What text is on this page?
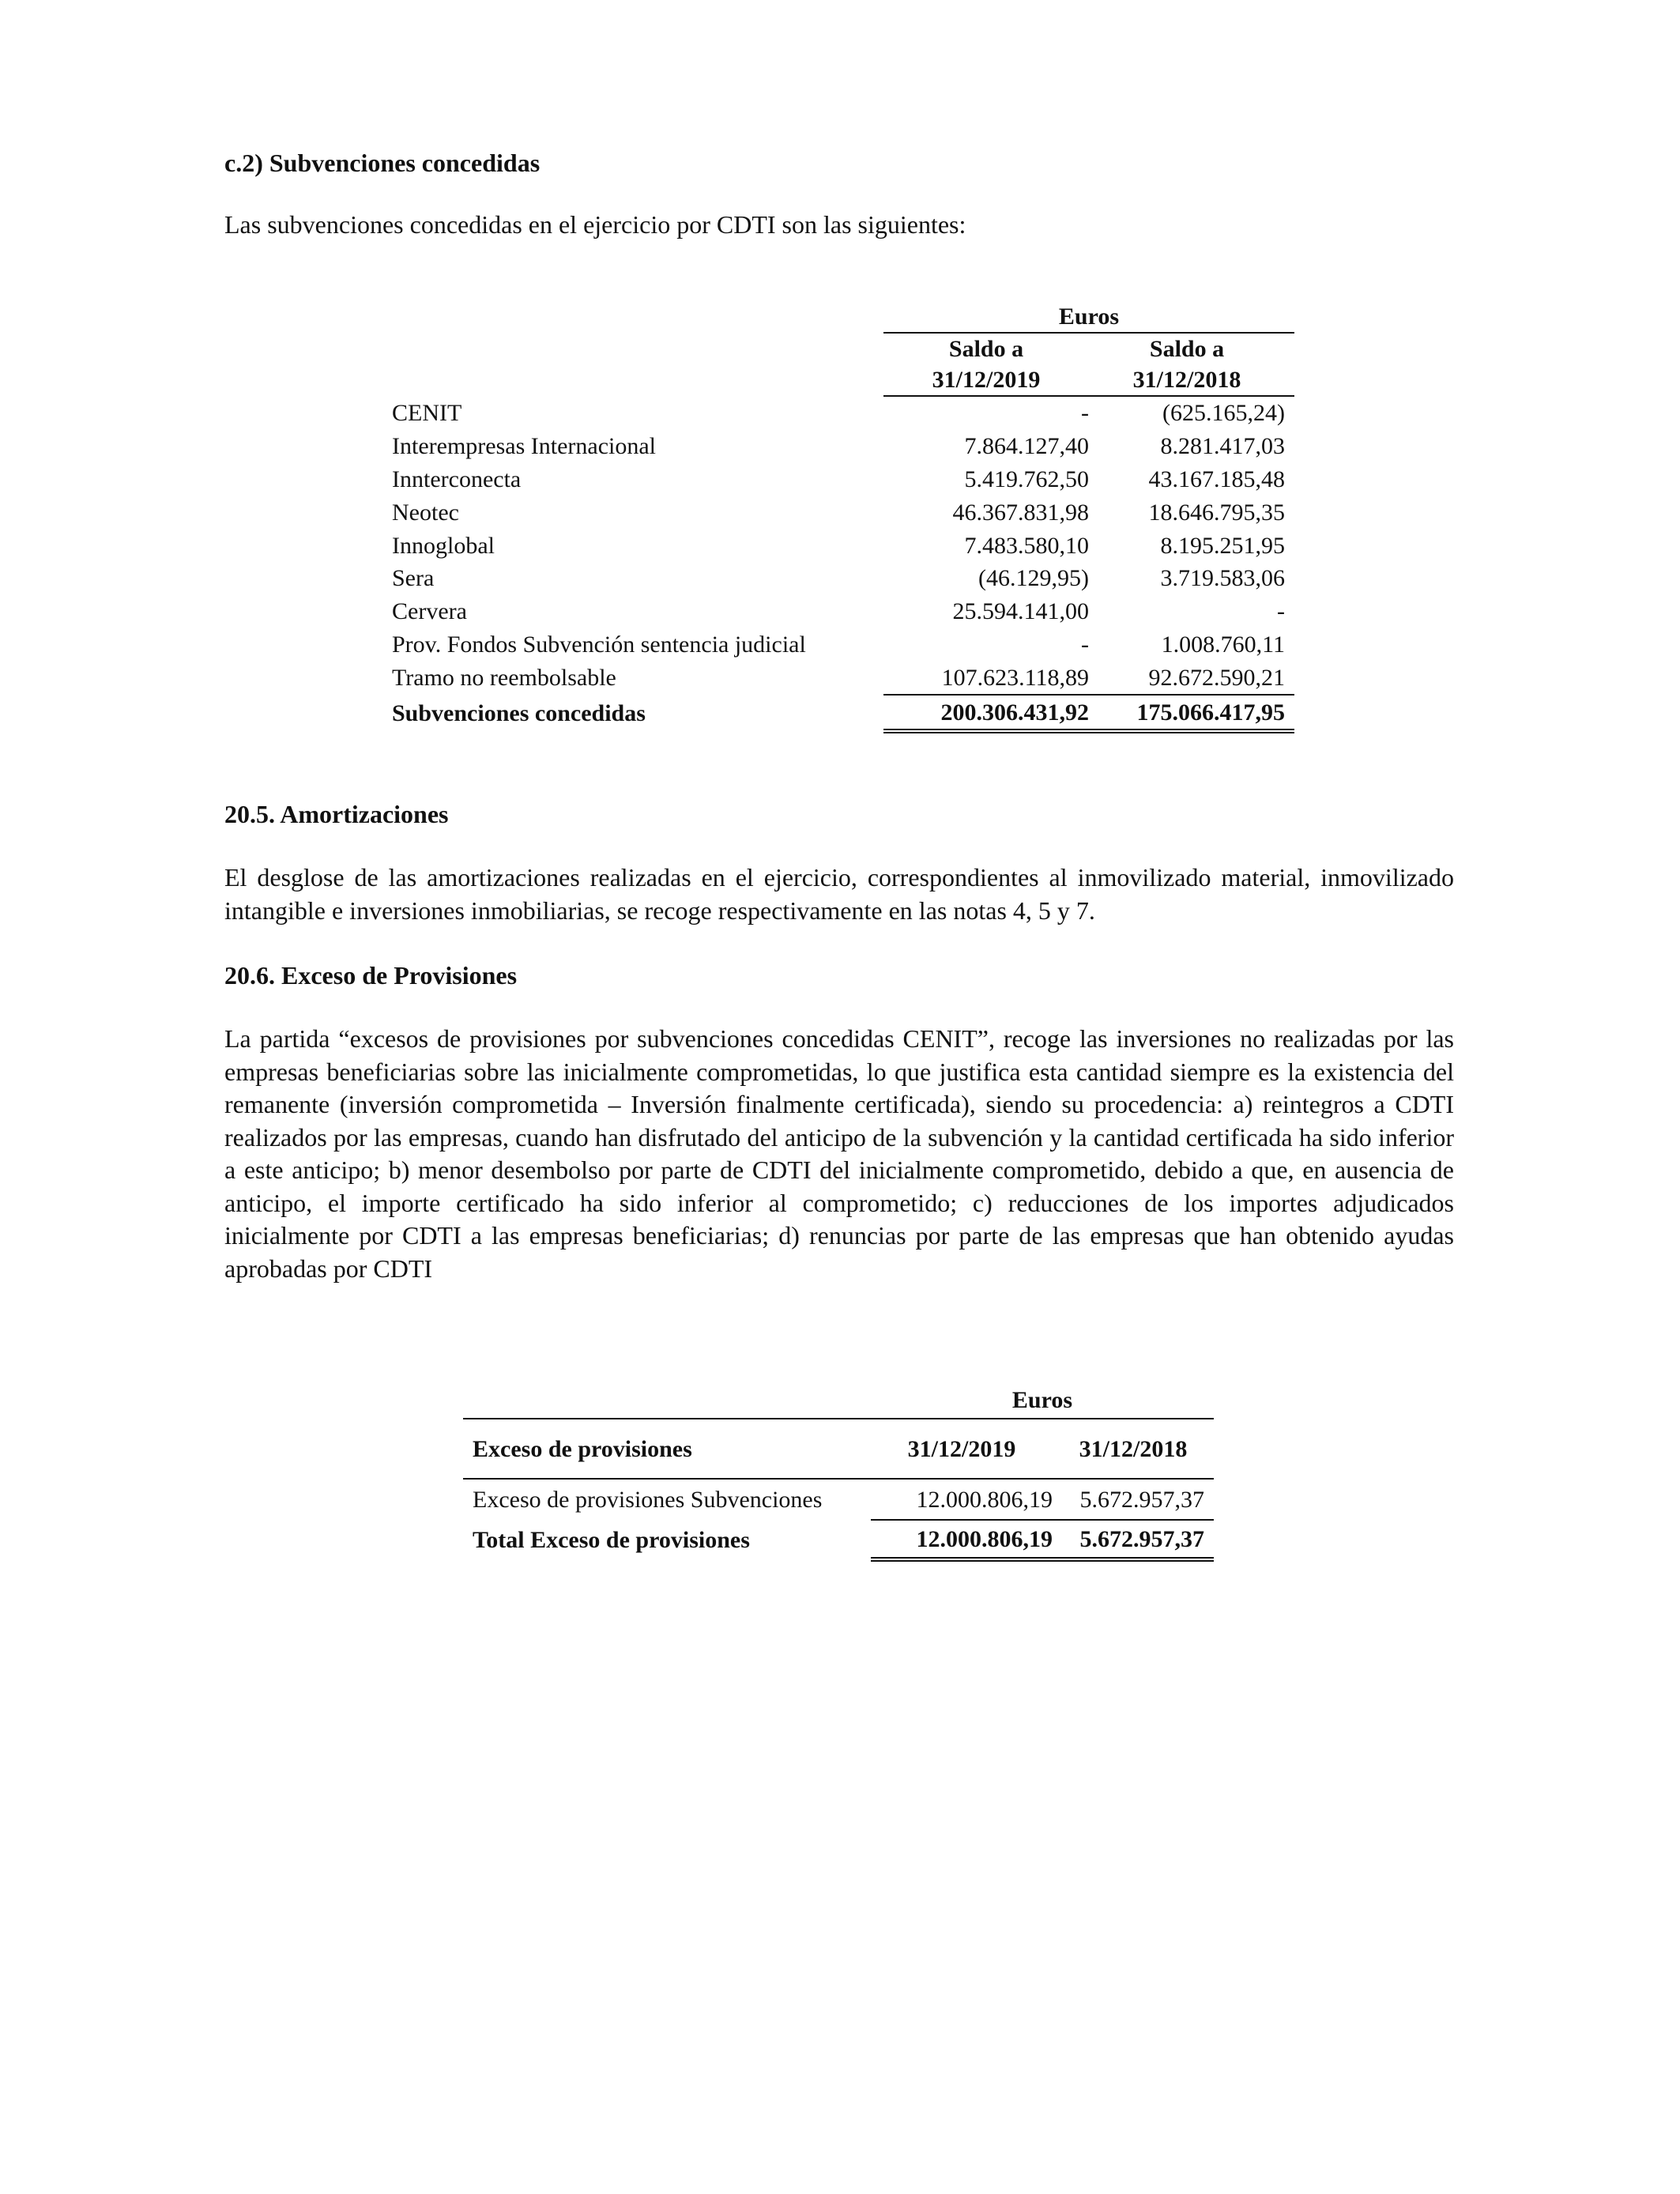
c.2) Subvenciones concedidas

Las subvenciones concedidas en el ejercicio por CDTI son las siguientes:

	Euros	
	Saldo a	Saldo a
	31/12/2019	31/12/2018
CENIT	-	(625.165,24)
Interempresas Internacional	7.864.127,40	8.281.417,03
Innterconecta	5.419.762,50	43.167.185,48
Neotec	46.367.831,98	18.646.795,35
Innoglobal	7.483.580,10	8.195.251,95
Sera	(46.129,95)	3.719.583,06
Cervera	25.594.141,00	-
Prov. Fondos Subvención sentencia judicial	-	1.008.760,11
Tramo no reembolsable	107.623.118,89	92.672.590,21
Subvenciones concedidas	200.306.431,92	175.066.417,95
20.5. Amortizaciones

El desglose de las amortizaciones realizadas en el ejercicio, correspondientes al inmovilizado material, inmovilizado intangible e inversiones inmobiliarias, se recoge respectivamente en las notas 4, 5 y 7.

20.6. Exceso de Provisiones

La partida “excesos de provisiones por subvenciones concedidas CENIT”, recoge las inversiones no realizadas por las empresas beneficiarias sobre las inicialmente comprometidas, lo que justifica esta cantidad siempre es la existencia del remanente (inversión comprometida – Inversión finalmente certificada), siendo su procedencia: a) reintegros a CDTI realizados por las empresas, cuando han disfrutado del anticipo de la subvención y la cantidad certificada ha sido inferior a este anticipo; b) menor desembolso por parte de CDTI del inicialmente comprometido, debido a que, en ausencia de anticipo, el importe certificado ha sido inferior al comprometido; c) reducciones de los importes adjudicados inicialmente por CDTI a las empresas beneficiarias; d) renuncias por parte de las empresas que han obtenido ayudas aprobadas por CDTI

	Euros	
Exceso de provisiones	31/12/2019	31/12/2018
Exceso de provisiones Subvenciones	12.000.806,19	5.672.957,37
Total Exceso de provisiones	12.000.806,19	5.672.957,37
